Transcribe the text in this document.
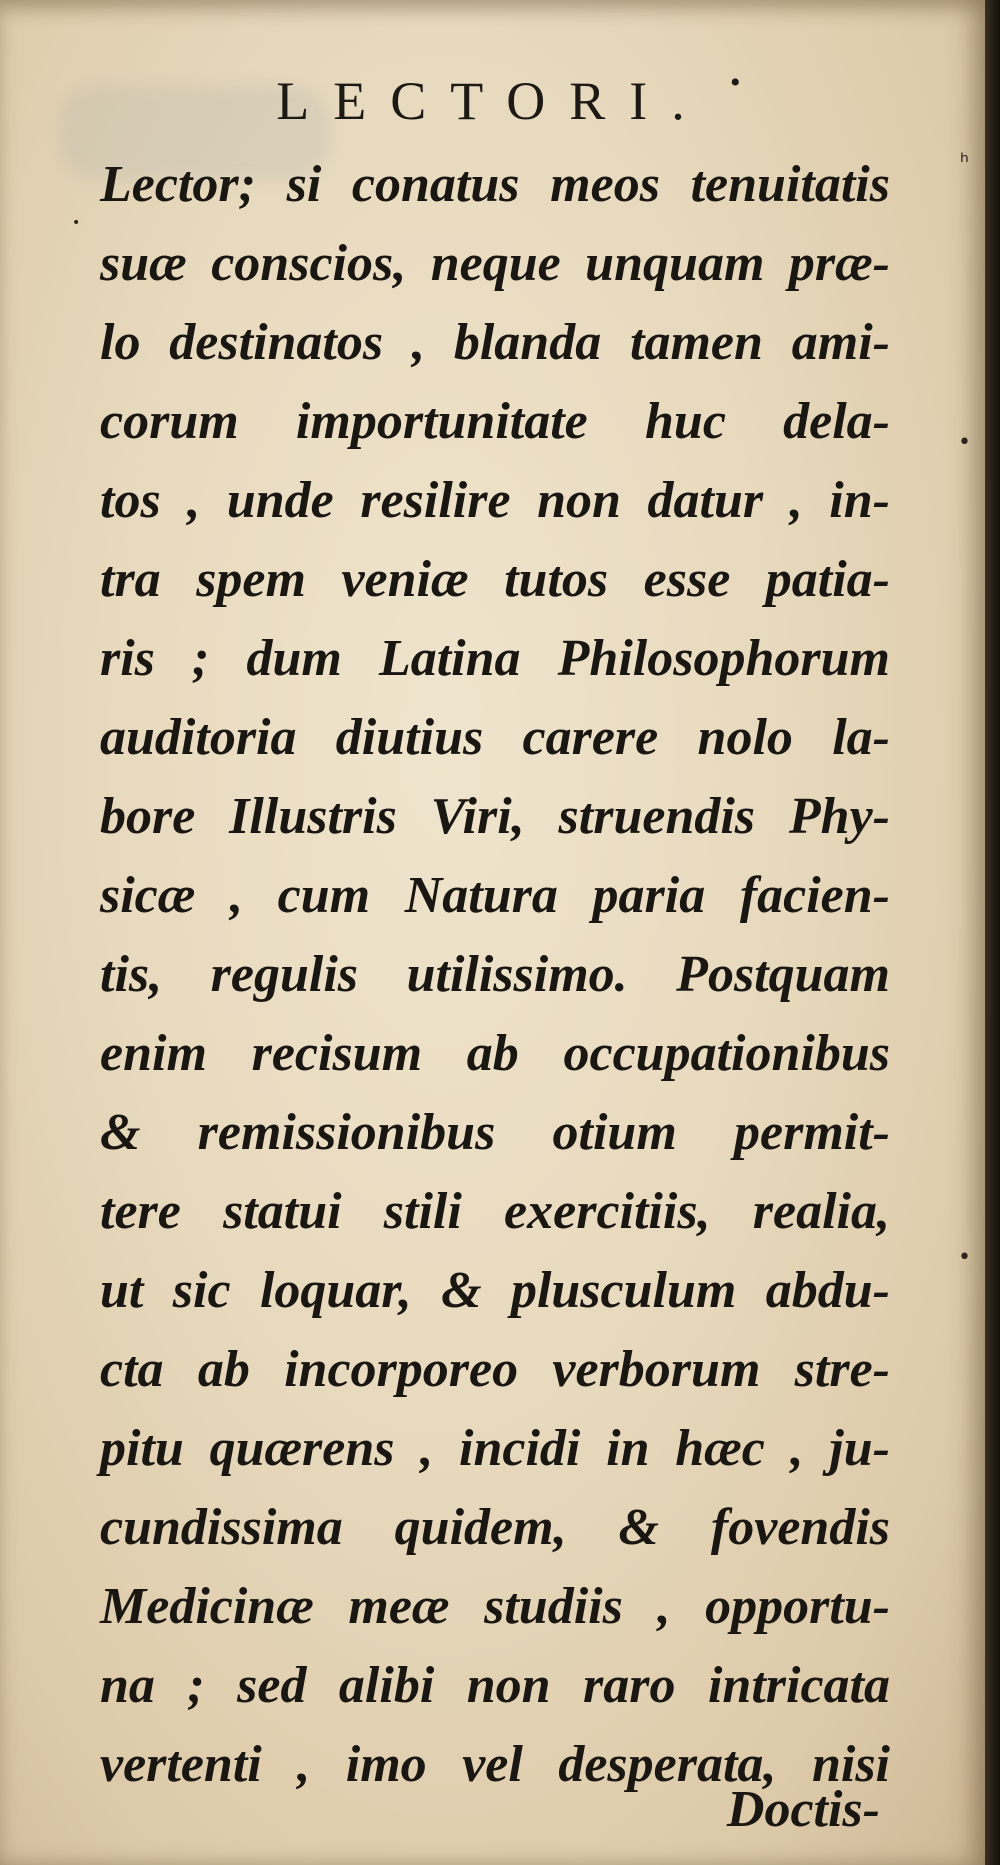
LECTORI. •
Lector; si conatus meos tenuitatis
suæ conscios, neque unquam præ-
lo destinatos , blanda tamen ami-
corum importunitate huc dela-
tos , unde resilire non datur , in-
tra spem veniæ tutos esse patia-
ris ; dum Latina Philosophorum
auditoria diutius carere nolo la-
bore Illustris Viri, struendis Phy-
sicæ , cum Natura paria facien-
tis, regulis utilissimo. Postquam
enim recisum ab occupationibus
& remissionibus otium permit-
tere statui stili exercitiis, realia,
ut sic loquar, & plusculum abdu-
cta ab incorporeo verborum stre-
pitu quærens , incidi in hæc , ju-
cundissima quidem, & fovendis
Medicinæ meæ studiis , opportu-
na ; sed alibi non raro intricata
vertenti , imo vel desperata, nisi
Doctis-
ʰ
•
•
•
